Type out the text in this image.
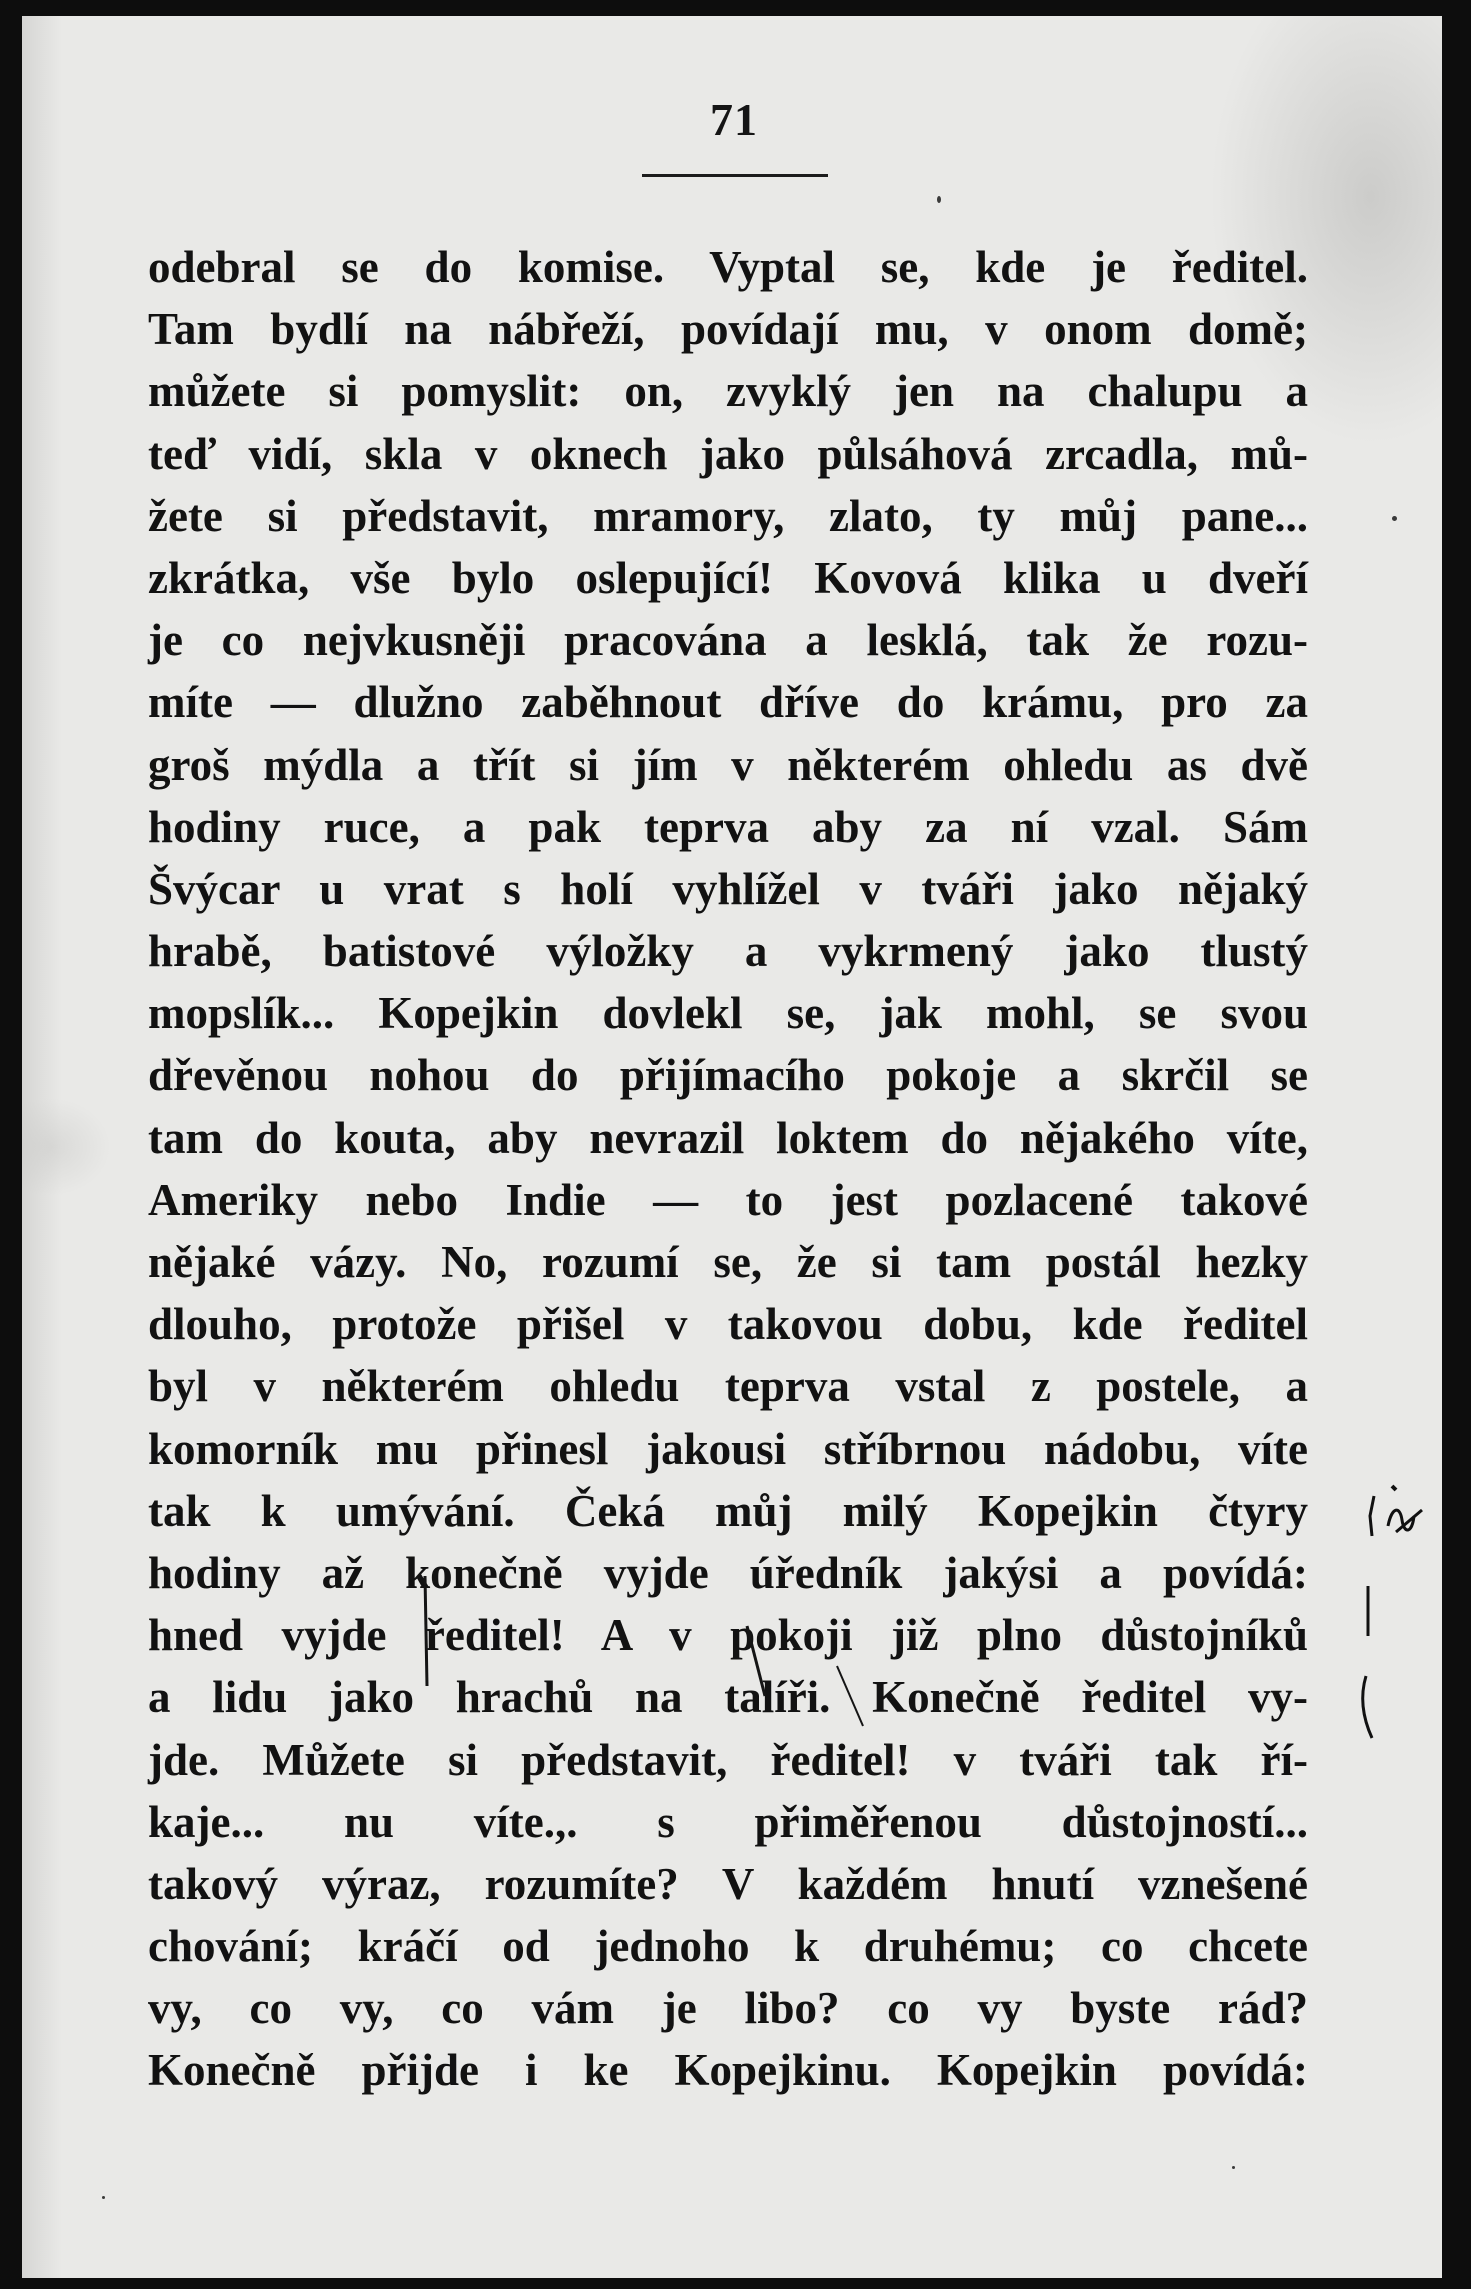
71
odebral se do komise. Vyptal se, kde je ředitel.
Tam bydlí na nábřeží, povídají mu, v onom domě;
můžete si pomyslit: on, zvyklý jen na chalupu a
teď vidí, skla v oknech jako půlsáhová zrcadla, mů-
žete si představit, mramory, zlato, ty můj pane...
zkrátka, vše bylo oslepující! Kovová klika u dveří
je co nejvkusněji pracována a lesklá, tak že rozu-
míte — dlužno zaběhnout dříve do krámu, pro za
groš mýdla a třít si jím v některém ohledu as dvě
hodiny ruce, a pak teprva aby za ní vzal. Sám
Švýcar u vrat s holí vyhlížel v tváři jako nějaký
hrabě, batistové výložky a vykrmený jako tlustý
mopslík... Kopejkin dovlekl se, jak mohl, se svou
dřevěnou nohou do přijímacího pokoje a skrčil se
tam do kouta, aby nevrazil loktem do nějakého víte,
Ameriky nebo Indie — to jest pozlacené takové
nějaké vázy. No, rozumí se, že si tam postál hezky
dlouho, protože přišel v takovou dobu, kde ředitel
byl v některém ohledu teprva vstal z postele, a
komorník mu přinesl jakousi stříbrnou nádobu, víte
tak k umývání. Čeká můj milý Kopejkin čtyry
hodiny až konečně vyjde úředník jakýsi a povídá:
hned vyjde ředitel! A v pokoji již plno důstojníků
a lidu jako hrachů na talíři. Konečně ředitel vy-
jde. Můžete si představit, ředitel! v tváři tak ří-
kaje... nu víte.,. s přiměřenou důstojností...
takový výraz, rozumíte? V každém hnutí vznešené
chování; kráčí od jednoho k druhému; co chcete
vy, co vy, co vám je libo? co vy byste rád?
Konečně přijde i ke Kopejkinu. Kopejkin povídá:
